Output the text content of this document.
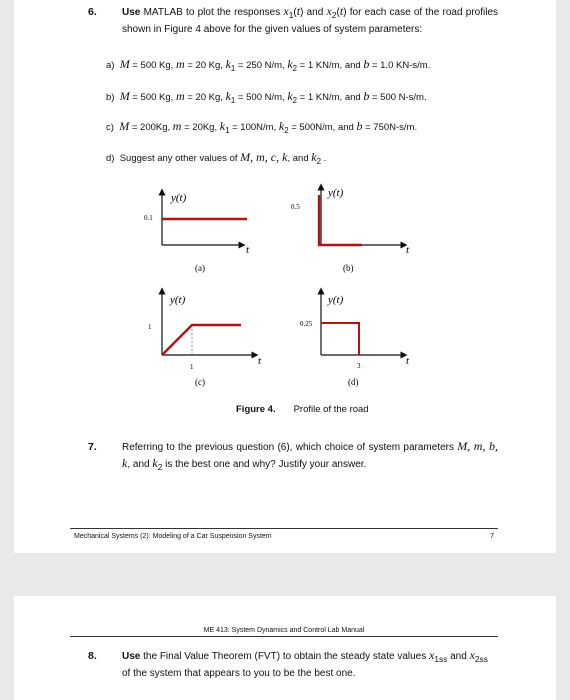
6.	Use MATLAB to plot the responses $x_1(t)$ and $x_2(t)$ for each case of the road profiles shown in Figure 4 above for the given values of system parameters:
a)  M = 500 Kg, m = 20 Kg, $k_1 = 250$ N/m, $k_2 = 1$ KN/m, and b = 1.0 KN-s/m.
b)  M = 500 Kg, m = 20 Kg, $k_1 = 500$ N/m, $k_2 = 1$ KN/m, and b = 500 N-s/m.
c)  M = 200Kg, m = 20Kg, $k_1 = 100N/m$, $k_2 = 500N/m$, and b = 750N-s/m.
d)  Suggest any other values of M, m, c, k, and $k_2$ .
y(t)
t
0.1
(a)
y(t)
t
0.5
(b)
y(t)
t
1
1
(c)
y(t)
t
0.25
3
(d)
Figure 4. Profile of the road
7.	Referring to the previous question (6), which choice of system parameters M, m, b, k, and $k_2$ is the best one and why? Justify your answer.
Mechanical Systems (2): Modeling of a Car Suspension System	7
ME 413: System Dynamics and Control Lab Manual
8.	Use the Final Value Theorem (FVT) to obtain the steady state values $x_{1ss}$ and $x_{2ss}$ of the system that appears to you to be the best one.
